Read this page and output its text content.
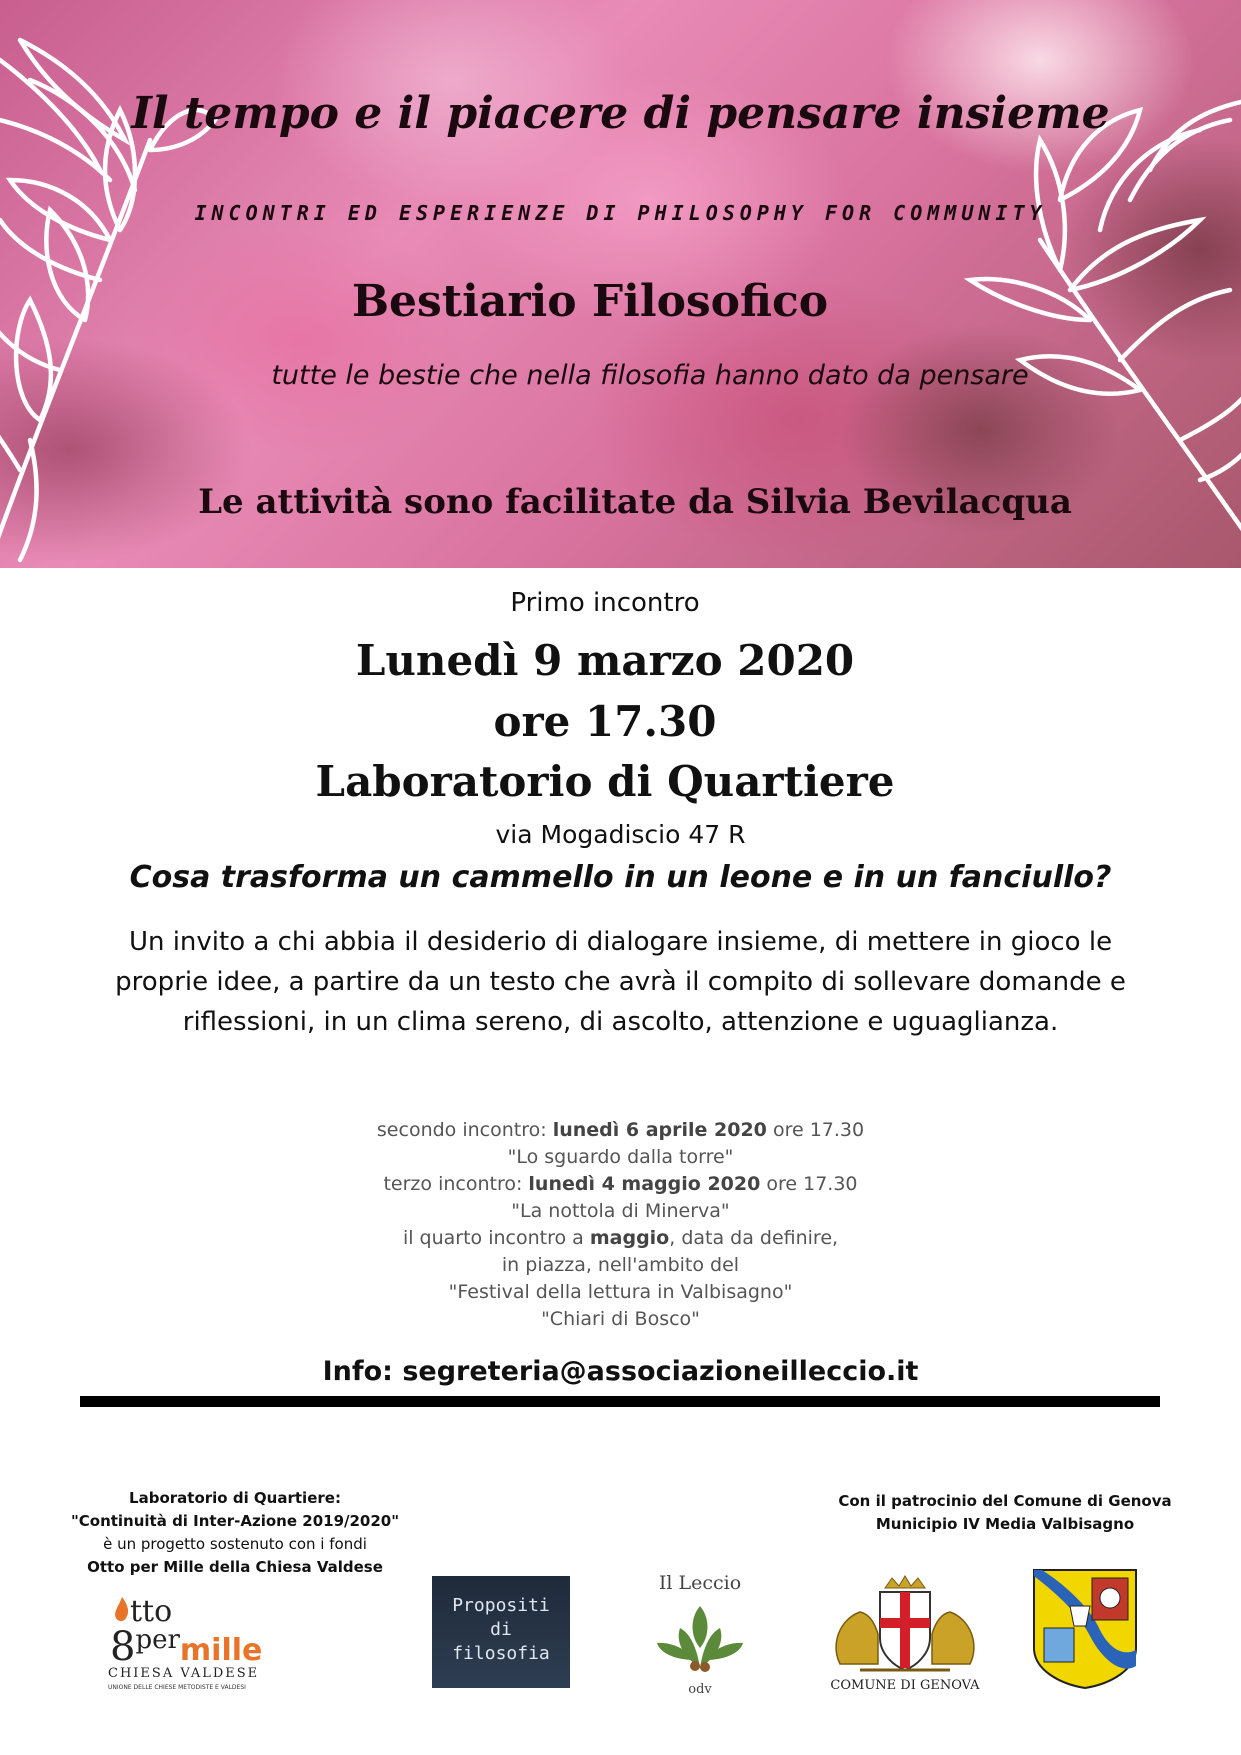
Il tempo e il piacere di pensare insieme
INCONTRI ED ESPERIENZE DI PHILOSOPHY FOR COMMUNITY
Bestiario Filosofico
tutte le bestie che nella filosofia hanno dato da pensare
Le attività sono facilitate da Silvia Bevilacqua
Primo incontro
Lunedì 9 marzo 2020
ore 17.30
Laboratorio di Quartiere
via Mogadiscio 47 R
Cosa trasforma un cammello in un leone e in un fanciullo?

Un invito a chi abbia il desiderio di dialogare insieme, di mettere in gioco le proprie idee, a partire da un testo che avrà il compito di sollevare domande e riflessioni, in un clima sereno, di ascolto, attenzione e uguaglianza.

secondo incontro: lunedì 6 aprile 2020 ore 17.30
"Lo sguardo dalla torre"
terzo incontro: lunedì 4 maggio 2020 ore 17.30
"La nottola di Minerva"
il quarto incontro a maggio, data da definire,
in piazza, nell'ambito del
"Festival della lettura in Valbisagno"
"Chiari di Bosco"
Info: segreteria@associazioneilleccio.it
Laboratorio di Quartiere:
"Continuità di Inter-Azione 2019/2020"
è un progetto sostenuto con i fondi
Otto per Mille della Chiesa Valdese
Con il patrocinio del Comune di Genova
Municipio IV Media Valbisagno
tto
8permille
CHIESA VALDESE
UNIONE DELLE CHIESE METODISTE E VALDESI
Propositi
di
filosofia
Il Leccio
odv	COMUNE DI GENOVA
